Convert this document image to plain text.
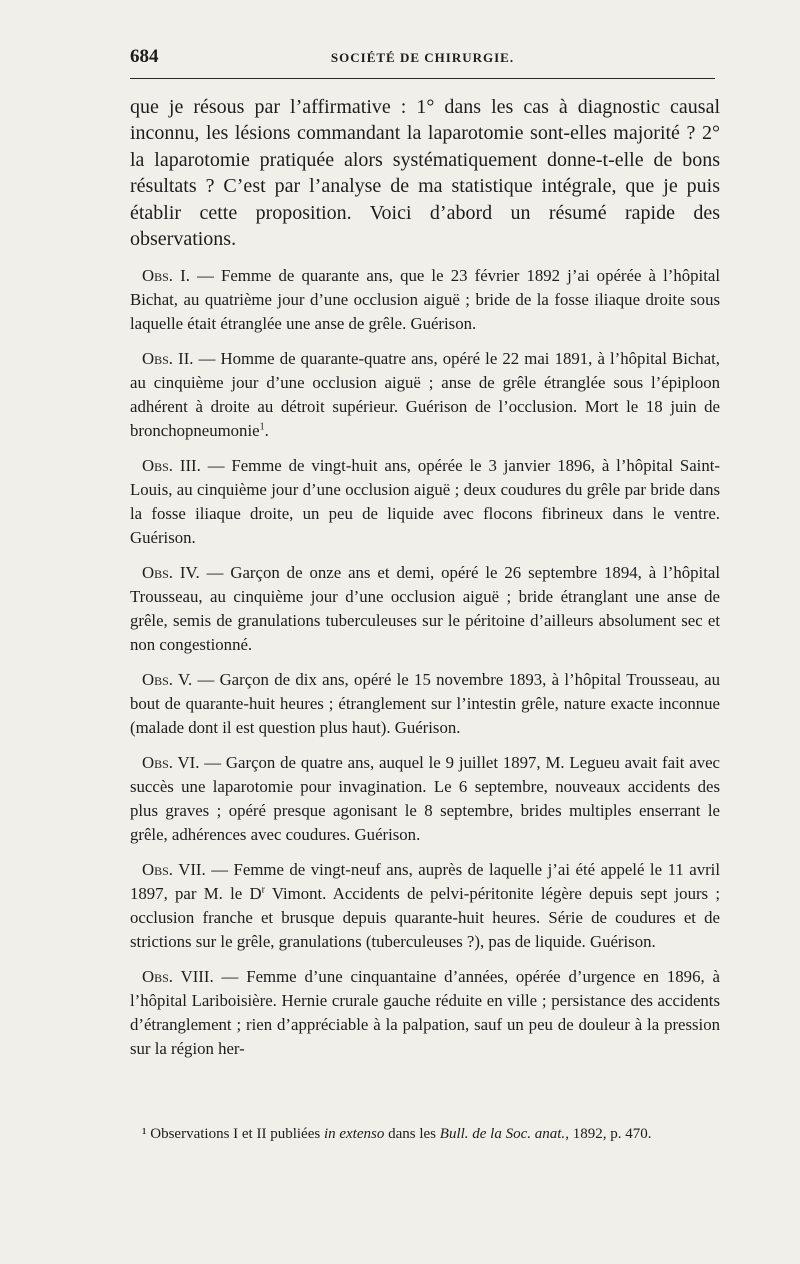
684	SOCIÉTÉ DE CHIRURGIE.

que je résous par l’affirmative : 1° dans les cas à diagnostic causal inconnu, les lésions commandant la laparotomie sont-elles majorité ? 2° la laparotomie pratiquée alors systématiquement donne-t-elle de bons résultats ? C’est par l’analyse de ma statistique intégrale, que je puis établir cette proposition. Voici d’abord un résumé rapide des observations.

Obs. I. — Femme de quarante ans, que le 23 février 1892 j’ai opérée à l’hôpital Bichat, au quatrième jour d’une occlusion aiguë ; bride de la fosse iliaque droite sous laquelle était étranglée une anse de grêle. Guérison.

Obs. II. — Homme de quarante-quatre ans, opéré le 22 mai 1891, à l’hôpital Bichat, au cinquième jour d’une occlusion aiguë ; anse de grêle étranglée sous l’épiploon adhérent à droite au détroit supérieur. Guérison de l’occlusion. Mort le 18 juin de bronchopneumonie$^1$.

Obs. III. — Femme de vingt-huit ans, opérée le 3 janvier 1896, à l’hôpital Saint-Louis, au cinquième jour d’une occlusion aiguë ; deux coudures du grêle par bride dans la fosse iliaque droite, un peu de liquide avec flocons fibrineux dans le ventre. Guérison.

Obs. IV. — Garçon de onze ans et demi, opéré le 26 septembre 1894, à l’hôpital Trousseau, au cinquième jour d’une occlusion aiguë ; bride étranglant une anse de grêle, semis de granulations tuberculeuses sur le péritoine d’ailleurs absolument sec et non congestionné.

Obs. V. — Garçon de dix ans, opéré le 15 novembre 1893, à l’hôpital Trousseau, au bout de quarante-huit heures ; étranglement sur l’intestin grêle, nature exacte inconnue (malade dont il est question plus haut). Guérison.

Obs. VI. — Garçon de quatre ans, auquel le 9 juillet 1897, M. Legueu avait fait avec succès une laparotomie pour invagination. Le 6 septembre, nouveaux accidents des plus graves ; opéré presque agonisant le 8 septembre, brides multiples enserrant le grêle, adhérences avec coudures. Guérison.

Obs. VII. — Femme de vingt-neuf ans, auprès de laquelle j’ai été appelé le 11 avril 1897, par M. le $D^r$ Vimont. Accidents de pelvi-péritonite légère depuis sept jours ; occlusion franche et brusque depuis quarante-huit heures. Série de coudures et de strictions sur le grêle, granulations (tuberculeuses ?), pas de liquide. Guérison.

Obs. VIII. — Femme d’une cinquantaine d’années, opérée d’urgence en 1896, à l’hôpital Lariboisière. Hernie crurale gauche réduite en ville ; persistance des accidents d’étranglement ; rien d’appréciable à la palpation, sauf un peu de douleur à la pression sur la région her-

¹ Observations I et II publiées in extenso dans les Bull. de la Soc. anat., 1892, p. 470.
